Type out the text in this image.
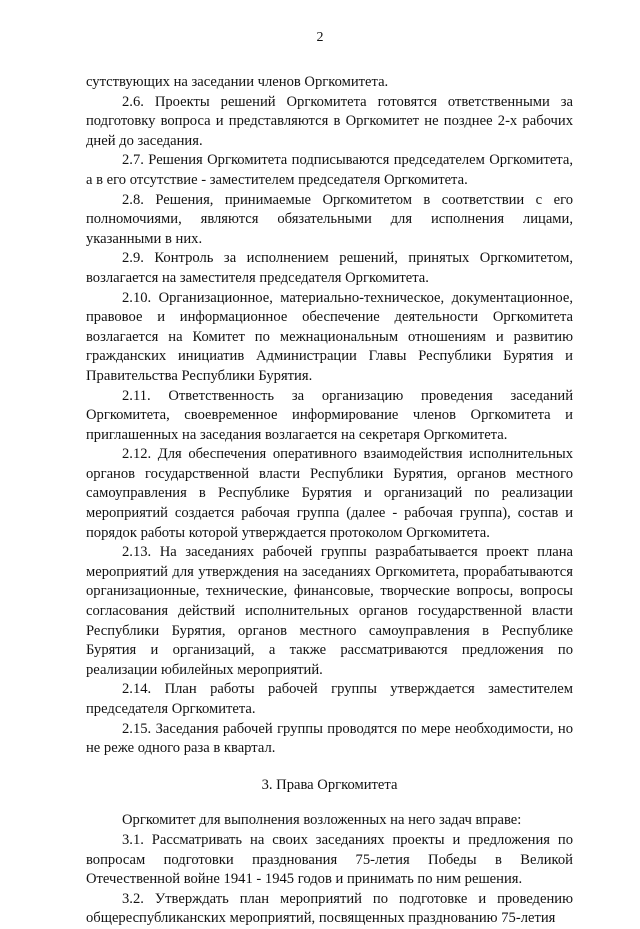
2

сутствующих на заседании членов Оргкомитета.

2.6. Проекты решений Оргкомитета готовятся ответственными за подготовку вопроса и представляются в Оргкомитет не позднее 2-х рабочих дней до заседания.

2.7. Решения Оргкомитета подписываются председателем Оргкомитета, а в его отсутствие - заместителем председателя Оргкомитета.

2.8. Решения, принимаемые Оргкомитетом в соответствии с его полномочиями, являются обязательными для исполнения лицами, указанными в них.

2.9. Контроль за исполнением решений, принятых Оргкомитетом, возлагается на заместителя председателя Оргкомитета.

2.10. Организационное, материально-техническое, документационное, правовое и информационное обеспечение деятельности Оргкомитета возлагается на Комитет по межнациональным отношениям и развитию гражданских инициатив Администрации Главы Республики Бурятия и Правительства Республики Бурятия.

2.11. Ответственность за организацию проведения заседаний Оргкомитета, своевременное информирование членов Оргкомитета и приглашенных на заседания возлагается на секретаря Оргкомитета.

2.12. Для обеспечения оперативного взаимодействия исполнительных органов государственной власти Республики Бурятия, органов местного самоуправления в Республике Бурятия и организаций по реализации мероприятий создается рабочая группа (далее - рабочая группа), состав и порядок работы которой утверждается протоколом Оргкомитета.

2.13. На заседаниях рабочей группы разрабатывается проект плана мероприятий для утверждения на заседаниях Оргкомитета, прорабатываются организационные, технические, финансовые, творческие вопросы, вопросы согласования действий исполнительных органов государственной власти Республики Бурятия, органов местного самоуправления в Республике Бурятия и организаций, а также рассматриваются предложения по реализации юбилейных мероприятий.

2.14. План работы рабочей группы утверждается заместителем председателя Оргкомитета.

2.15. Заседания рабочей группы проводятся по мере необходимости, но не реже одного раза в квартал.

3. Права Оргкомитета

Оргкомитет для выполнения возложенных на него задач вправе:

3.1. Рассматривать на своих заседаниях проекты и предложения по вопросам подготовки празднования 75-летия Победы в Великой Отечественной войне 1941 - 1945 годов и принимать по ним решения.

3.2. Утверждать план мероприятий по подготовке и проведению общереспубликанских мероприятий, посвященных празднованию 75-летия
